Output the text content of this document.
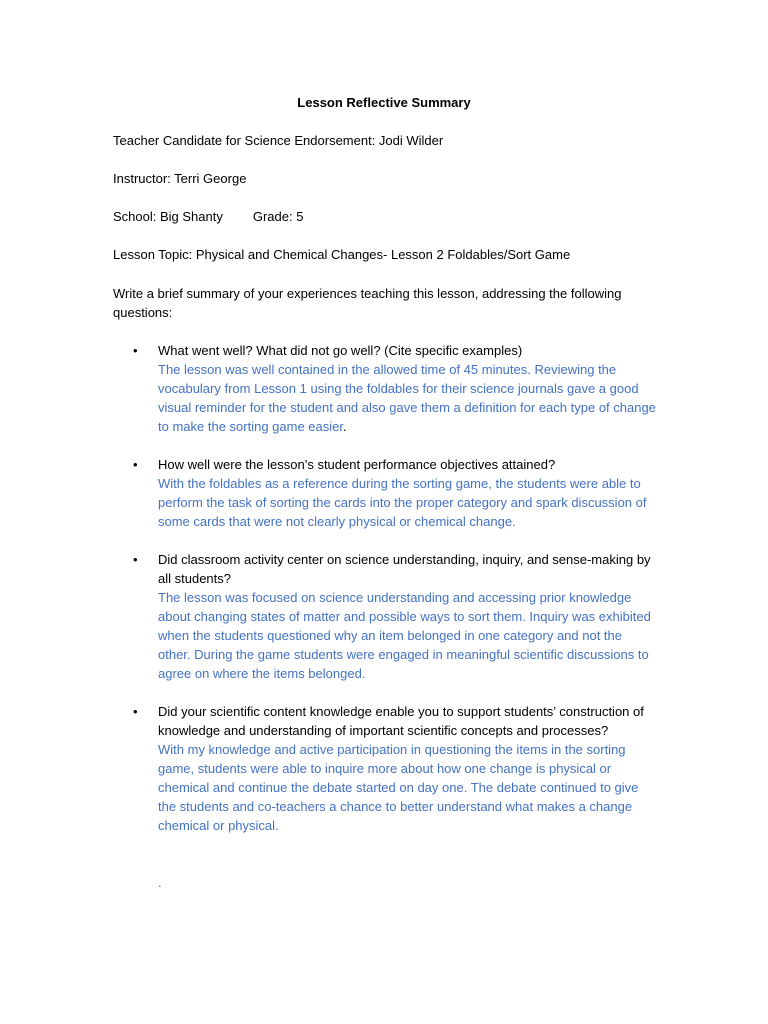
Lesson Reflective Summary
Teacher Candidate for Science Endorsement: Jodi Wilder
Instructor: Terri George
School: Big Shanty Grade: 5
Lesson Topic: Physical and Chemical Changes- Lesson 2 Foldables/Sort Game
Write a brief summary of your experiences teaching this lesson, addressing the following questions:
• What went well? What did not go well? (Cite specific examples)
The lesson was well contained in the allowed time of 45 minutes. Reviewing the vocabulary from Lesson 1 using the foldables for their science journals gave a good visual reminder for the student and also gave them a definition for each type of change to make the sorting game easier.
• How well were the lesson’s student performance objectives attained?
With the foldables as a reference during the sorting game, the students were able to perform the task of sorting the cards into the proper category and spark discussion of some cards that were not clearly physical or chemical change.
• Did classroom activity center on science understanding, inquiry, and sense-making by all students?
The lesson was focused on science understanding and accessing prior knowledge about changing states of matter and possible ways to sort them. Inquiry was exhibited when the students questioned why an item belonged in one category and not the other. During the game students were engaged in meaningful scientific discussions to agree on where the items belonged.
• Did your scientific content knowledge enable you to support students’ construction of knowledge and understanding of important scientific concepts and processes?
With my knowledge and active participation in questioning the items in the sorting game, students were able to inquire more about how one change is physical or chemical and continue the debate started on day one. The debate continued to give the students and co-teachers a chance to better understand what makes a change chemical or physical.
.
